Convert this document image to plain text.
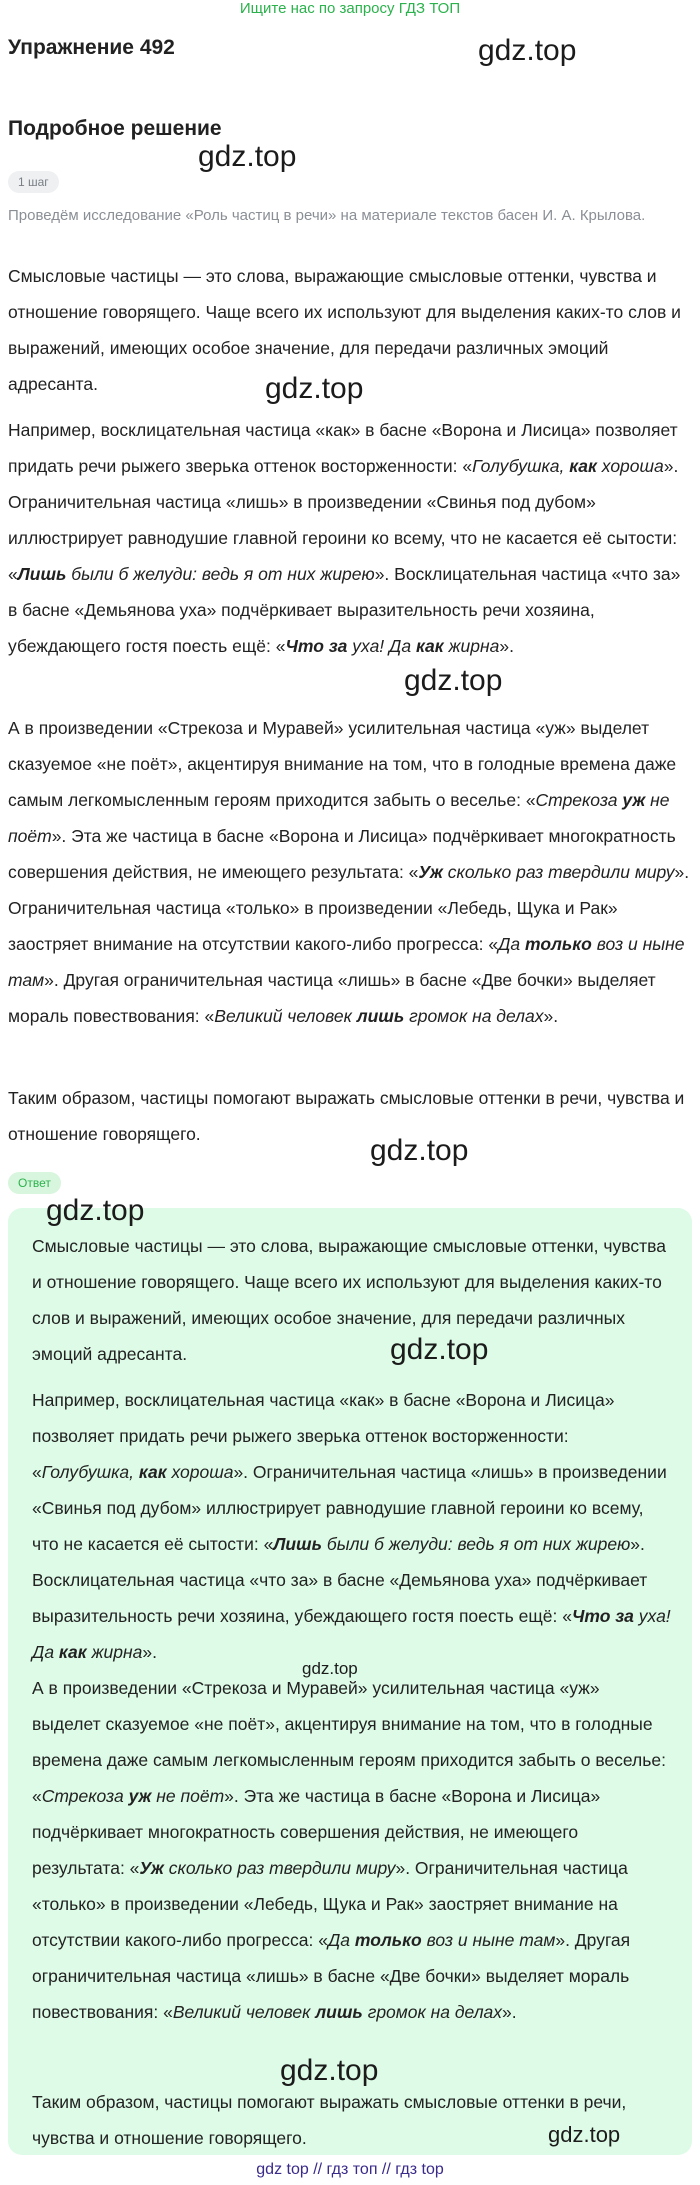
Ищите нас по запросу ГДЗ ТОП
Упражнение 492	gdz.top
Подробное решение
gdz.top
1 шаг
Проведём исследование «Роль частиц в речи» на материале текстов басен И. А. Крылова.
Смысловые частицы — это слова, выражающие смысловые оттенки, чувства и отношение говорящего. Чаще всего их используют для выделения каких-то слов и выражений, имеющих особое значение, для передачи различных эмоций адресанта.	gdz.top
Например, восклицательная частица «как» в басне «Ворона и Лисица» позволяет придать речи рыжего зверька оттенок восторженности: «Голубушка, как хороша». Ограничительная частица «лишь» в произведении «Свинья под дубом» иллюстрирует равнодушие главной героини ко всему, что не касается её сытости: «Лишь были б желуди: ведь я от них жирею». Восклицательная частица «что за» в басне «Демьянова уха» подчёркивает выразительность речи хозяина, убеждающего гостя поесть ещё: «Что за уха! Да как жирна».
gdz.top
А в произведении «Стрекоза и Муравей» усилительная частица «уж» выделет сказуемое «не поёт», акцентируя внимание на том, что в голодные времена даже самым легкомысленным героям приходится забыть о веселье: «Стрекоза уж не поёт». Эта же частица в басне «Ворона и Лисица» подчёркивает многократность совершения действия, не имеющего результата: «Уж сколько раз твердили миру». Ограничительная частица «только» в произведении «Лебедь, Щука и Рак» заостряет внимание на отсутствии какого-либо прогресса: «Да только воз и ныне там». Другая ограничительная частица «лишь» в басне «Две бочки» выделяет мораль повествования: «Великий человек лишь громок на делах».
Таким образом, частицы помогают выражать смысловые оттенки в речи, чувства и отношение говорящего.	gdz.top
Ответ
gdz.top
Смысловые частицы — это слова, выражающие смысловые оттенки, чувства и отношение говорящего. Чаще всего их используют для выделения каких-то слов и выражений, имеющих особое значение, для передачи различных эмоций адресанта.	gdz.top
Например, восклицательная частица «как» в басне «Ворона и Лисица» позволяет придать речи рыжего зверька оттенок восторженности: «Голубушка, как хороша». Ограничительная частица «лишь» в произведении «Свинья под дубом» иллюстрирует равнодушие главной героини ко всему, что не касается её сытости: «Лишь были б желуди: ведь я от них жирею». Восклицательная частица «что за» в басне «Демьянова уха» подчёркивает выразительность речи хозяина, убеждающего гостя поесть ещё: «Что за уха! Да как жирна».
gdz.top
А в произведении «Стрекоза и Муравей» усилительная частица «уж» выделет сказуемое «не поёт», акцентируя внимание на том, что в голодные времена даже самым легкомысленным героям приходится забыть о веселье: «Стрекоза уж не поёт». Эта же частица в басне «Ворона и Лисица» подчёркивает многократность совершения действия, не имеющего результата: «Уж сколько раз твердили миру». Ограничительная частица «только» в произведении «Лебедь, Щука и Рак» заостряет внимание на отсутствии какого-либо прогресса: «Да только воз и ныне там». Другая ограничительная частица «лишь» в басне «Две бочки» выделяет мораль повествования: «Великий человек лишь громок на делах».
gdz.top
Таким образом, частицы помогают выражать смысловые оттенки в речи, чувства и отношение говорящего.	gdz.top
gdz top // гдз топ // гдз top
